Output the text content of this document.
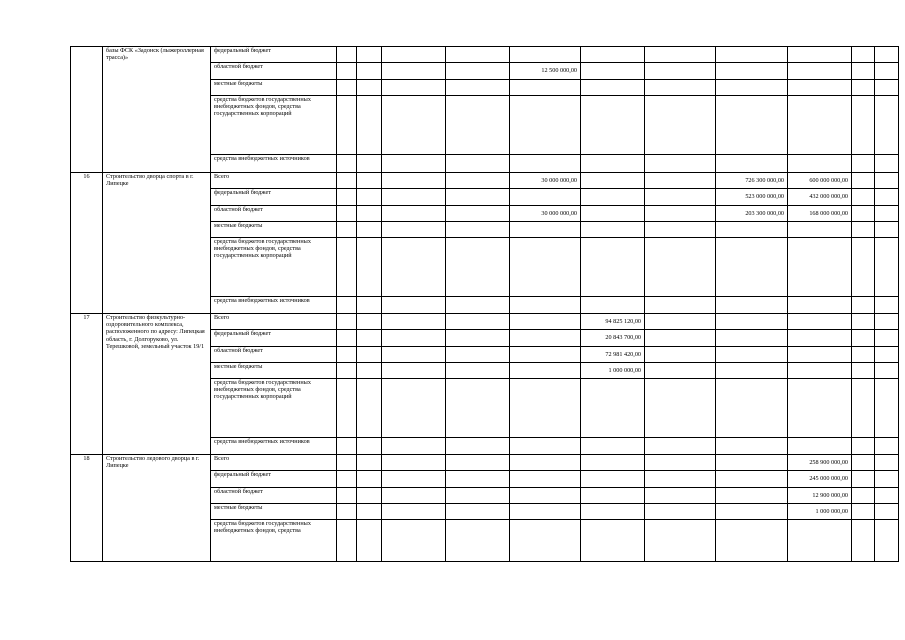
	базы ФСК «Задонск (лыжероллерная трасса)»	федеральный бюджет											
		областной бюджет					12 500 000,00						
		местные бюджеты											
		средства бюджетов государственных внебюджетных фондов, средства государственных корпораций											
		средства внебюджетных источников											
16	Строительство дворца спорта в г. Липецке	Всего					30 000 000,00			726 300 000,00	600 000 000,00		
		федеральный бюджет								523 000 000,00	432 000 000,00		
		областной бюджет					30 000 000,00			203 300 000,00	168 000 000,00		
		местные бюджеты											
		средства бюджетов государственных внебюджетных фондов, средства государственных корпораций											
		средства внебюджетных источников											
17	Строительство физкультурно-оздоровительного комплекса, расположенного по адресу: Липецкая область, г. Долгоруково, ул. Терешковой, земельный участок 19/1	Всего						94 825 120,00					
		федеральный бюджет						20 843 700,00					
		областной бюджет						72 981 420,00					
		местные бюджеты						1 000 000,00					
		средства бюджетов государственных внебюджетных фондов, средства государственных корпораций											
		средства внебюджетных источников											
18	Строительство ледового дворца в г. Липецке	Всего									258 900 000,00		
		федеральный бюджет									245 000 000,00		
		областной бюджет									12 900 000,00		
		местные бюджеты									1 000 000,00		
		средства бюджетов государственных внебюджетных фондов, средства											
